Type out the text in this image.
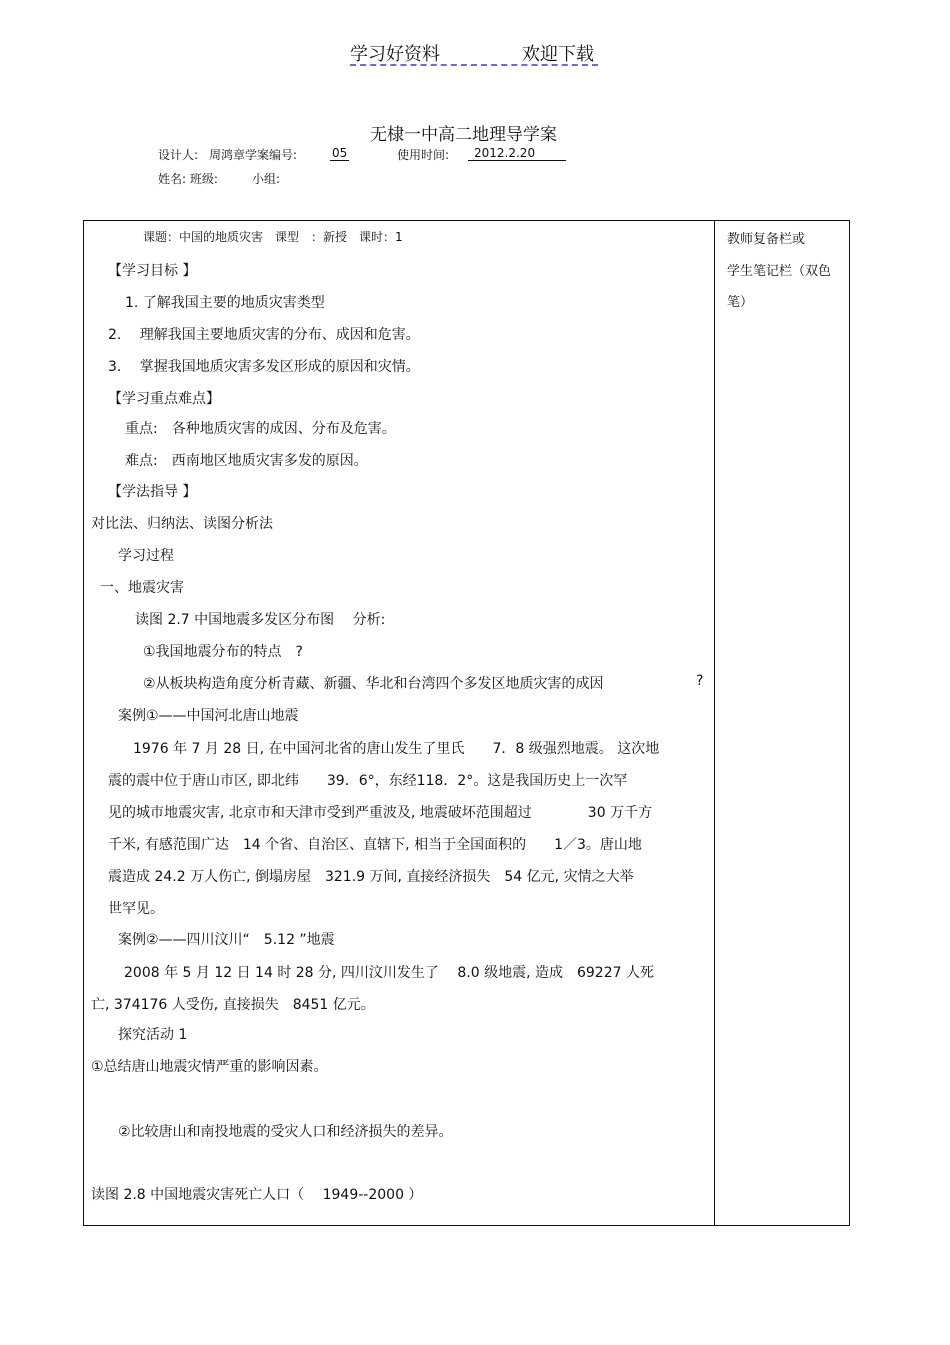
学习好资料	欢迎下载
无棣一中高二地理导学案
设计人: 周鸿章学案编号:	05	使用时间:	2012.2.20
姓名: 班级:	小组:
教师复备栏或
学生笔记栏（双色
笔）
课题：中国的地质灾害　课型　：新授　课时：1
【学习目标 】
1. 了解我国主要的地质灾害类型
2.　 理解我国主要地质灾害的分布、成因和危害。
3.　 掌握我国地质灾害多发区形成的原因和灾情。
【学习重点难点】
重点:　各种地质灾害的成因、分布及危害。
难点:　西南地区地质灾害多发的原因。
【学法指导 】
对比法、归纳法、读图分析法
学习过程
一、地震灾害
读图 2.7 中国地震多发区分布图　 分析:
①我国地震分布的特点　?
②从板块构造角度分析青藏、新疆、华北和台湾四个多发区地质灾害的成因	?
案例①——中国河北唐山地震
1976 年 7 月 28 日, 在中国河北省的唐山发生了里氏　　7．8 级强烈地震。 这次地
震的震中位于唐山市区, 即北纬　　39．6°，东经118．2°。这是我国历史上一次罕
见的城市地震灾害, 北京市和天津市受到严重波及, 地震破坏范围超过　　　　30 万千方
千米, 有感范围广达　14 个省、自治区、直辖下, 相当于全国面积的　　1／3。唐山地
震造成 24.2 万人伤亡, 倒塌房屋　321.9 万间, 直接经济损失　54 亿元, 灾情之大举
世罕见。
案例②——四川汶川“　5.12 ”地震
2008 年 5 月 12 日 14 时 28 分, 四川汶川发生了　 8.0 级地震, 造成　69227 人死
亡, 374176 人受伤, 直接损失　8451 亿元。
探究活动 1
①总结唐山地震灾情严重的影响因素。
②比较唐山和南投地震的受灾人口和经济损失的差异。
读图 2.8 中国地震灾害死亡人口（　 1949--2000 ）
